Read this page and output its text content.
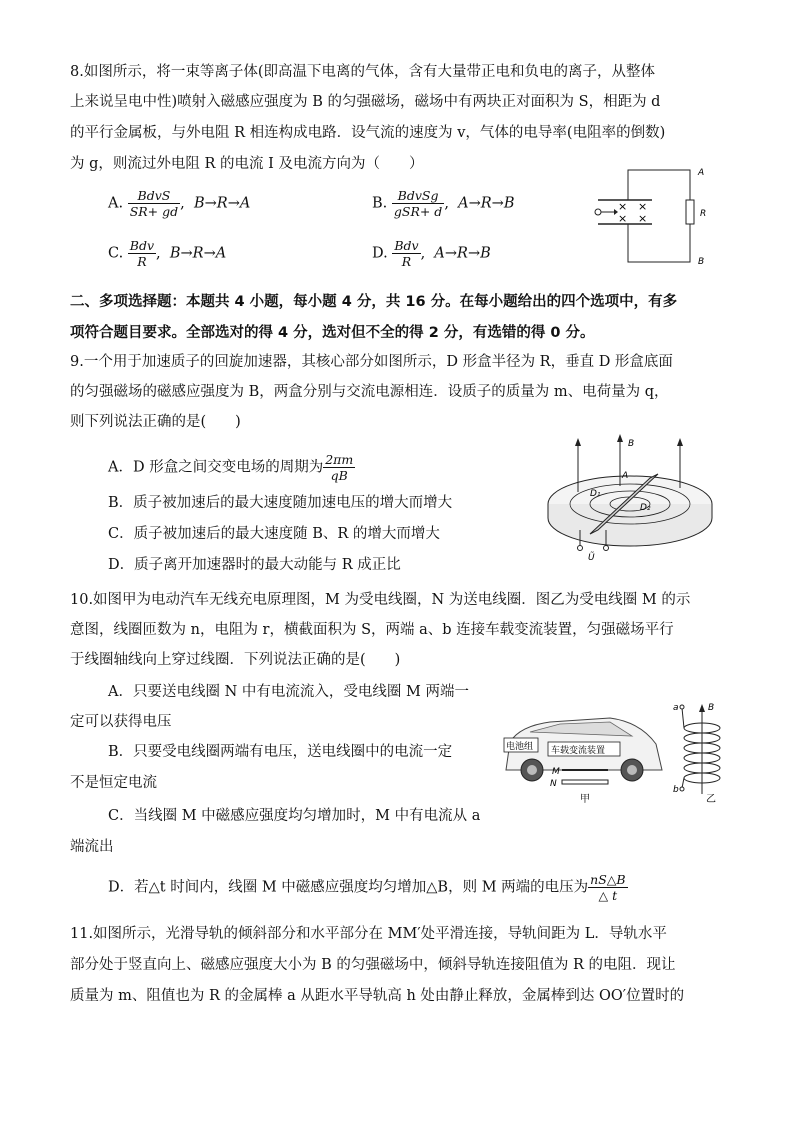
8.如图所示，将一束等离子体(即高温下电离的气体，含有大量带正电和负电的离子，从整体
上来说呈电中性)喷射入磁感应强度为 B 的匀强磁场，磁场中有两块正对面积为 S，相距为 d
的平行金属板，与外电阻 R 相连构成电路．设气流的速度为 v，气体的电导率(电阻率的倒数)
为 g，则流过外电阻 R 的电流 I 及电流方向为（　　）
A. $\frac{\text{BdvS}}{SR+ gd}$ ,  B→R→A	B. $\frac{\text{BdvSg}}{\text{gSR+ d}}$ ,  A→R→B
C. $\frac{\text{Bdv}}{R}$ ,  B→R→A	D. $\frac{\text{Bdv}}{R}$ ,  A→R→B
R
A
B
× ×
× ×
二、多项选择题：本题共 4 小题，每小题 4 分，共 16 分。在每小题给出的四个选项中，有多
项符合题目要求。全部选对的得 4 分，选对但不全的得 2 分，有选错的得 0 分。
9.一个用于加速质子的回旋加速器，其核心部分如图所示，D 形盒半径为 R，垂直 D 形盒底面
的匀强磁场的磁感应强度为 B，两盒分别与交流电源相连．设质子的质量为 m、电荷量为 q，
则下列说法正确的是(　　)
A．D 形盒之间交变电场的周期为 $\frac{2\pi m}{qB}$
B．质子被加速后的最大速度随加速电压的增大而增大
C．质子被加速后的最大速度随 B、R 的增大而增大
D．质子离开加速器时的最大动能与 R 成正比
B
A
D₁
D₂
Ũ
10.如图甲为电动汽车无线充电原理图，M 为受电线圈，N 为送电线圈．图乙为受电线圈 M 的示
意图，线圈匝数为 n，电阻为 r，横截面积为 S，两端 a、b 连接车载变流装置，匀强磁场平行
于线圈轴线向上穿过线圈．下列说法正确的是(　　)
A．只要送电线圈 N 中有电流流入，受电线圈 M 两端一
定可以获得电压
B．只要受电线圈两端有电压，送电线圈中的电流一定
不是恒定电流
C．当线圈 M 中磁感应强度均匀增加时，M 中有电流从 a
端流出
D．若△t 时间内，线圈 M 中磁感应强度均匀增加△B，则 M 两端的电压为 $\frac{nS\triangle B}{\triangle t}$
电池组 车载变流装置
M
N
甲
B
a
b
乙
11.如图所示，光滑导轨的倾斜部分和水平部分在 MM′处平滑连接，导轨间距为 L．导轨水平
部分处于竖直向上、磁感应强度大小为 B 的匀强磁场中，倾斜导轨连接阻值为 R 的电阻．现让
质量为 m、阻值也为 R 的金属棒 a 从距水平导轨高 h 处由静止释放，金属棒到达 OO′位置时的
